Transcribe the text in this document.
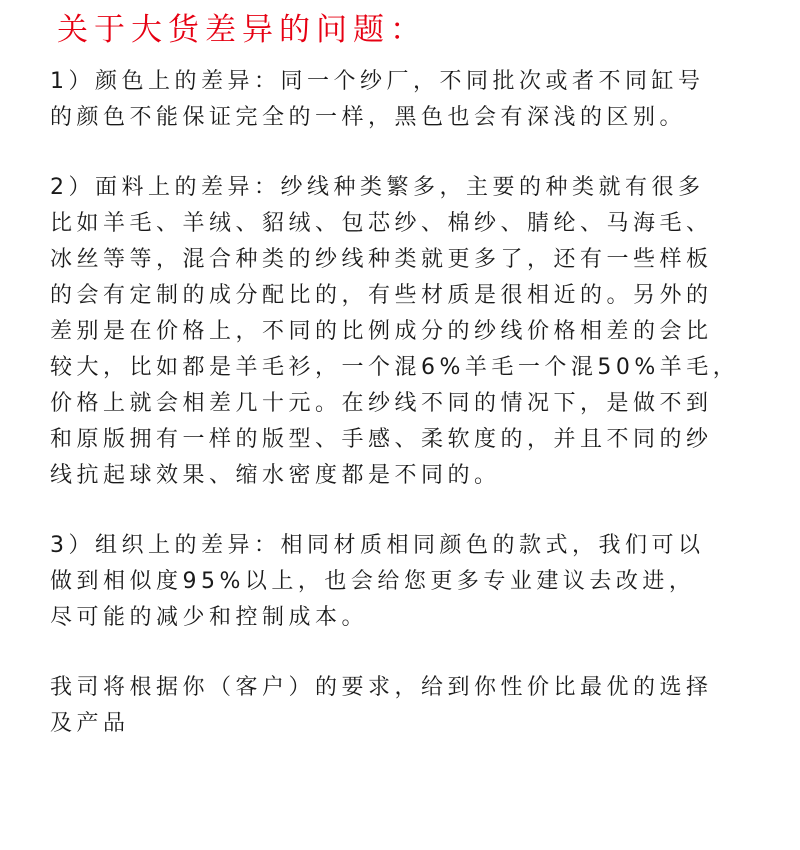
关于大货差异的问题：
1）颜色上的差异：同一个纱厂，不同批次或者不同缸号
的颜色不能保证完全的一样，黑色也会有深浅的区别。
2）面料上的差异：纱线种类繁多，主要的种类就有很多
比如羊毛、羊绒、貂绒、包芯纱、棉纱、腈纶、马海毛、
冰丝等等，混合种类的纱线种类就更多了，还有一些样板
的会有定制的成分配比的，有些材质是很相近的。另外的
差别是在价格上，不同的比例成分的纱线价格相差的会比
较大，比如都是羊毛衫，一个混6%羊毛一个混50%羊毛，
价格上就会相差几十元。在纱线不同的情况下，是做不到
和原版拥有一样的版型、手感、柔软度的，并且不同的纱
线抗起球效果、缩水密度都是不同的。
3）组织上的差异：相同材质相同颜色的款式，我们可以
做到相似度95%以上，也会给您更多专业建议去改进，
尽可能的减少和控制成本。
我司将根据你（客户）的要求，给到你性价比最优的选择
及产品
